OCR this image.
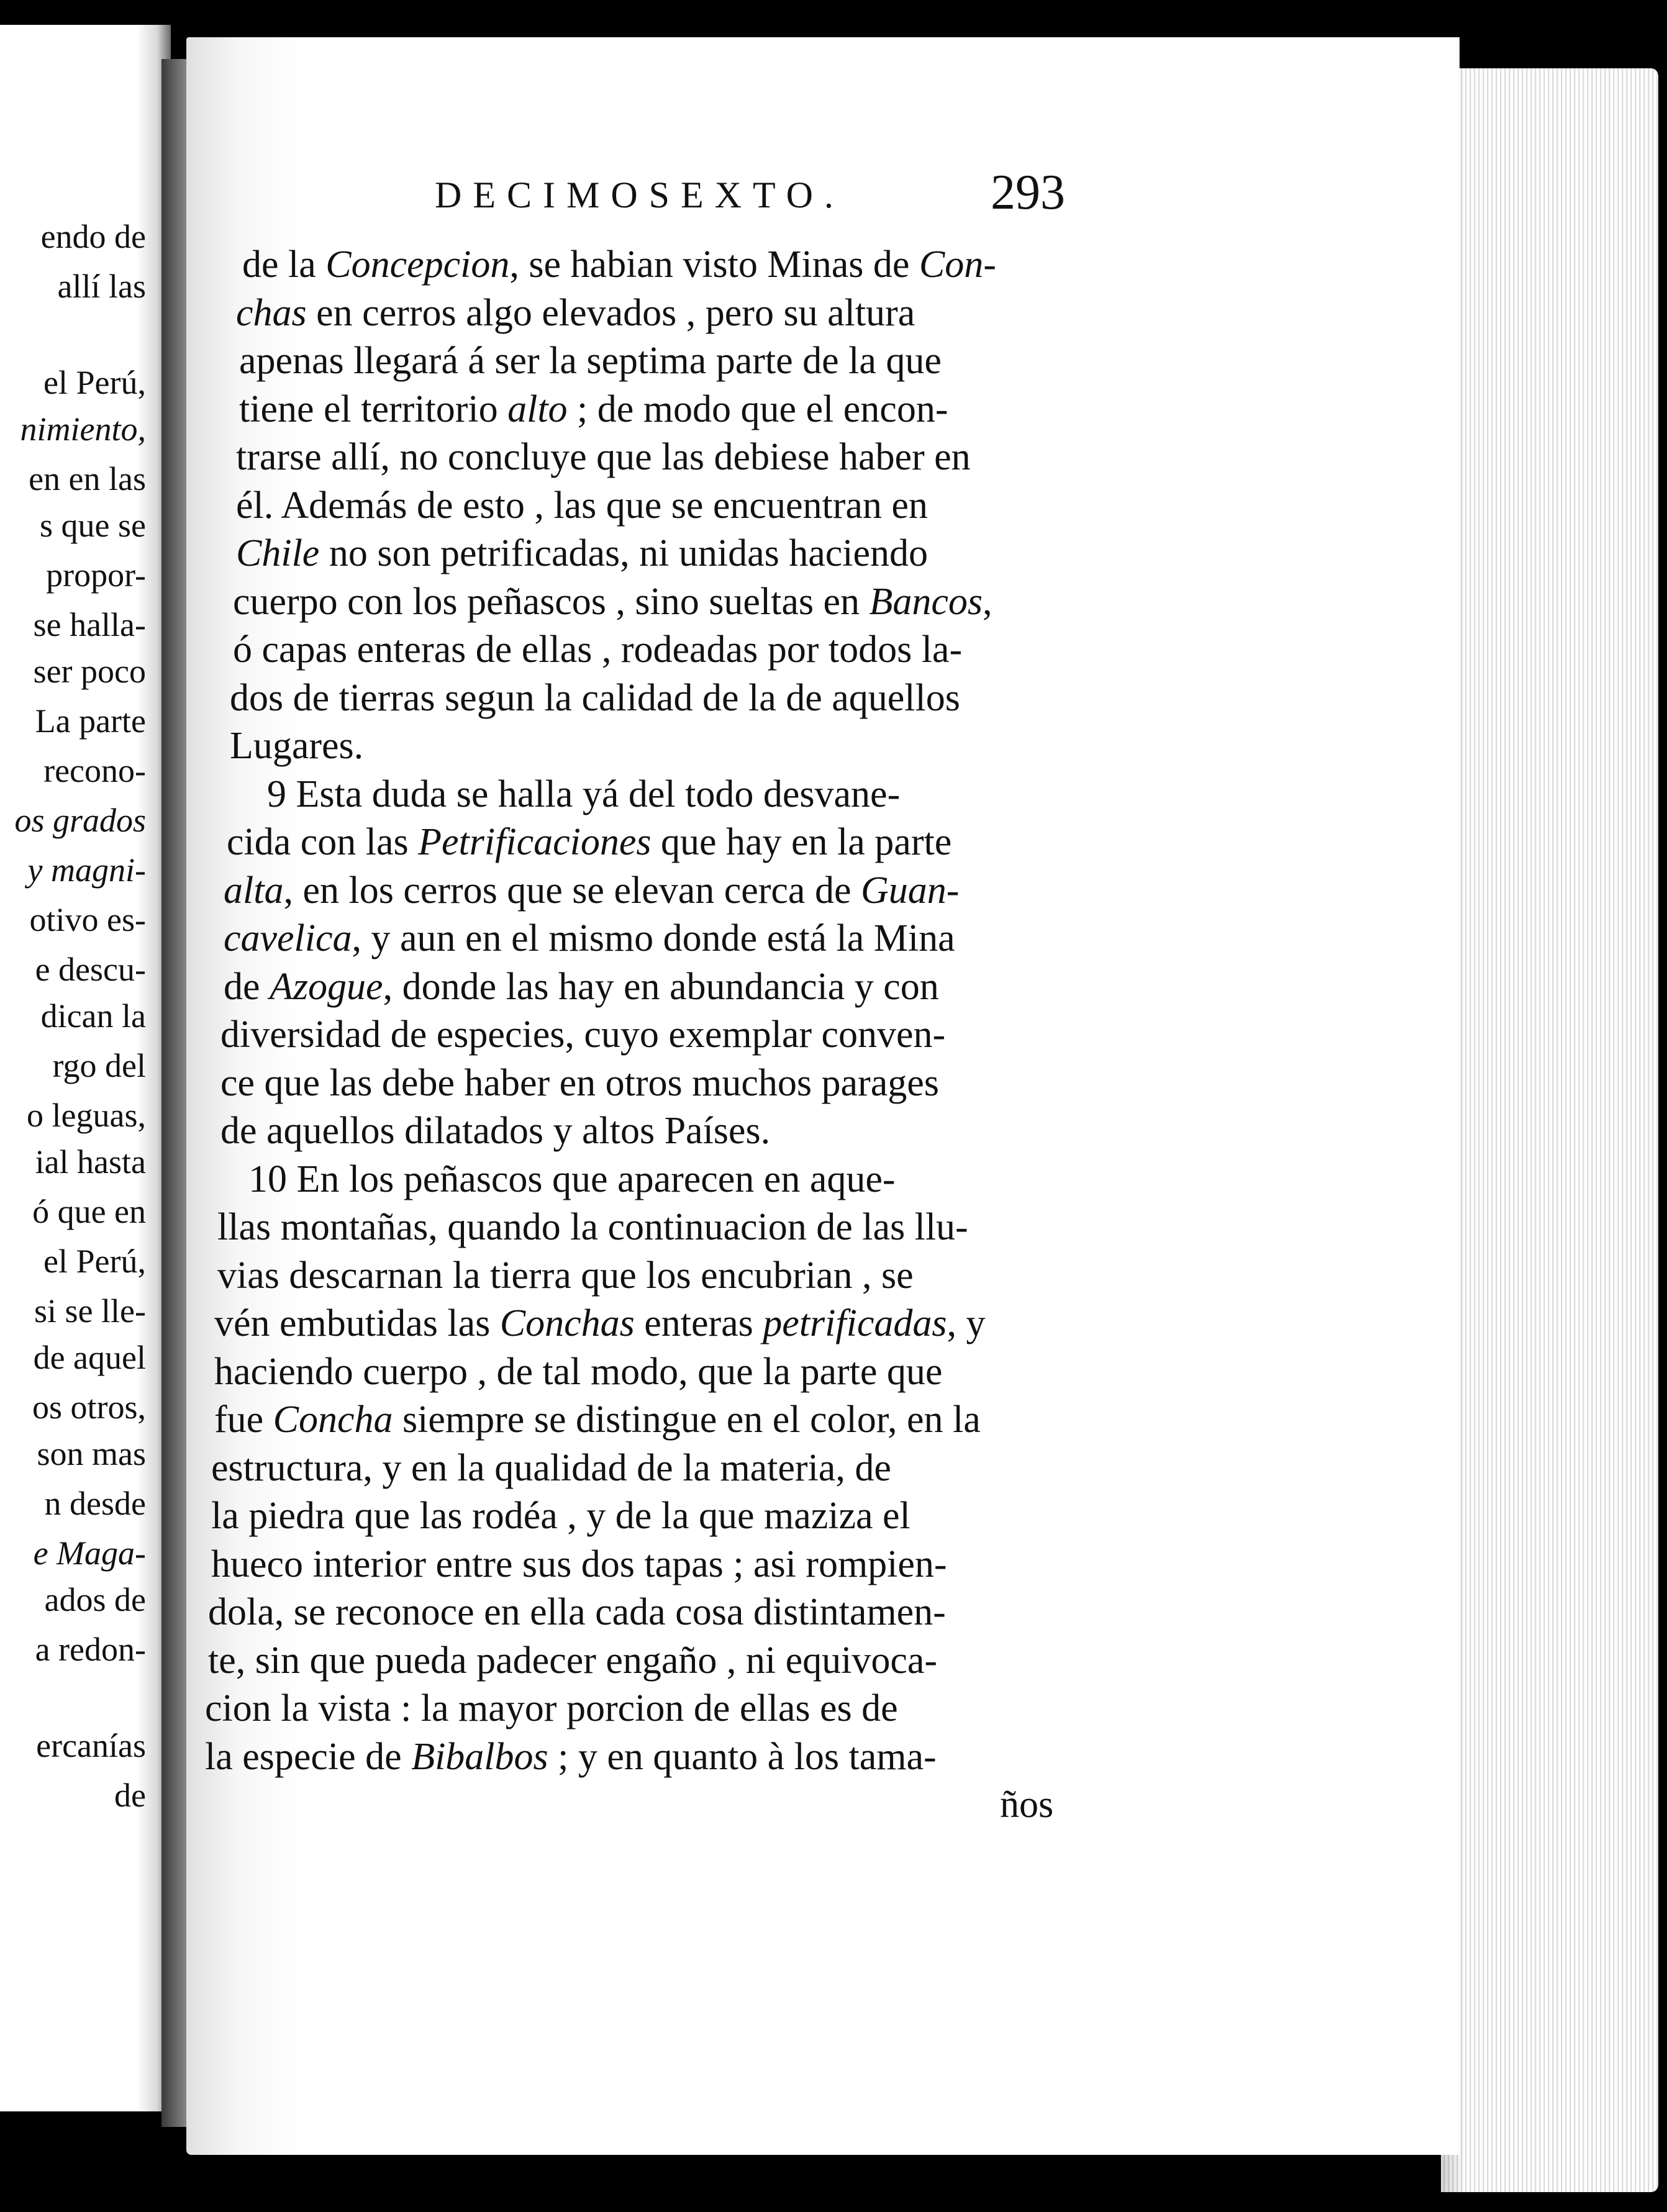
endo de
allí las
el Perú,
nimiento,
en en las
s que se
propor-
se halla-
ser poco
La parte
recono-
os grados
y magni-
otivo es-
e descu-
dican la
rgo del
o leguas,
ial hasta
ó que en
el Perú,
si se lle-
de aquel
os otros,
son mas
n desde
e Maga-
ados de
a redon-
ercanías
de
DECIMOSEXTO.	293
de la Concepcion, se habian visto Minas de Con-
chas en cerros algo elevados , pero su altura
apenas llegará á ser la septima parte de la que
tiene el territorio alto ; de modo que el encon-
trarse allí, no concluye que las debiese haber en
él. Además de esto , las que se encuentran en
Chile no son petrificadas, ni unidas haciendo
cuerpo con los peñascos , sino sueltas en Bancos,
ó capas enteras de ellas , rodeadas por todos la-
dos de tierras segun la calidad de la de aquellos
Lugares.
9 Esta duda se halla yá del todo desvane-
cida con las Petrificaciones que hay en la parte
alta, en los cerros que se elevan cerca de Guan-
cavelica, y aun en el mismo donde está la Mina
de Azogue, donde las hay en abundancia y con
diversidad de especies, cuyo exemplar conven-
ce que las debe haber en otros muchos parages
de aquellos dilatados y altos Países.
10 En los peñascos que aparecen en aque-
llas montañas, quando la continuacion de las llu-
vias descarnan la tierra que los encubrian , se
vén embutidas las Conchas enteras petrificadas, y
haciendo cuerpo , de tal modo, que la parte que
fue Concha siempre se distingue en el color, en la
estructura, y en la qualidad de la materia, de
la piedra que las rodéa , y de la que maziza el
hueco interior entre sus dos tapas ; asi rompien-
dola, se reconoce en ella cada cosa distintamen-
te, sin que pueda padecer engaño , ni equivoca-
cion la vista : la mayor porcion de ellas es de
la especie de Bibalbos ; y en quanto à los tama-
ños
